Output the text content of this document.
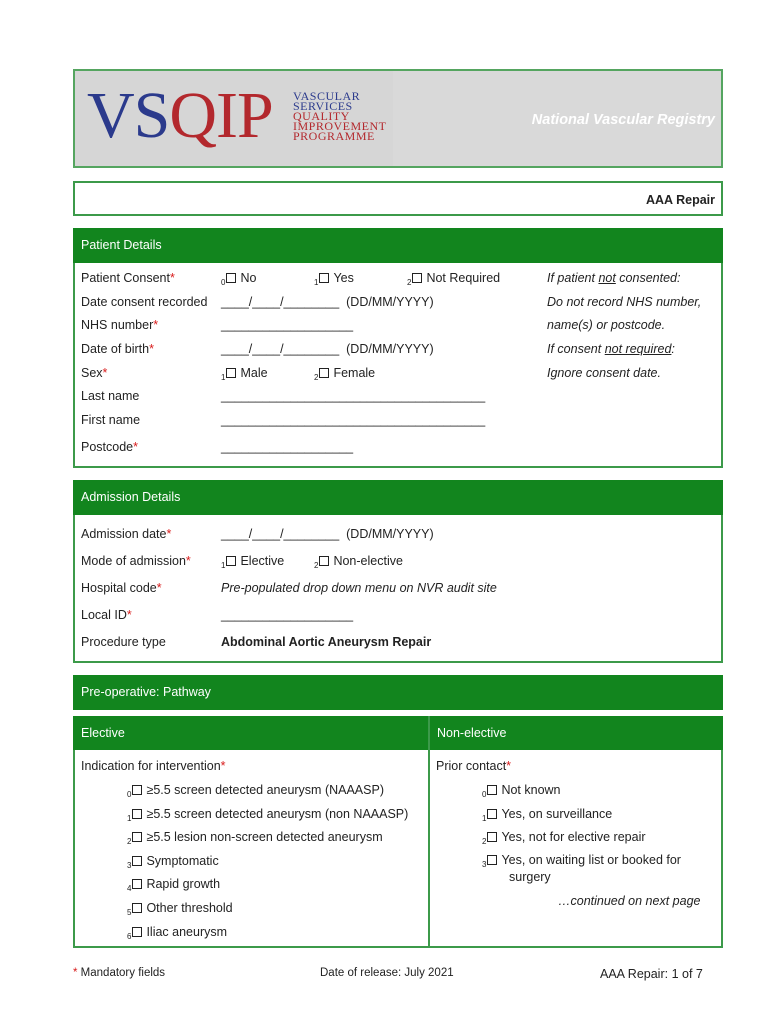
VSQIP VASCULAR
SERVICES
QUALITY
IMPROVEMENT
PROGRAMME
National Vascular Registry
AAA Repair
Patient Details
Patient Consent*	$_0$ No	$_1$ Yes	$_2$ Not Required
Date consent recorded ____/____/________ (DD/MM/YYYY)
NHS number*	___________________
Date of birth*	____/____/________ (DD/MM/YYYY)
Sex*	$_1$ Male	$_2$ Female
Last name	______________________________________
First name	______________________________________
Postcode*	___________________
If patient not consented:
Do not record NHS number,
name(s) or postcode.
If consent not required:
Ignore consent date.
Admission Details
Admission date*	____/____/________ (DD/MM/YYYY)
Mode of admission*	$_1$ Elective	$_2$ Non-elective
Hospital code*	Pre-populated drop down menu on NVR audit site
Local ID*	___________________
Procedure type	Abdominal Aortic Aneurysm Repair
Pre-operative: Pathway
Elective	Non-elective
Indication for intervention*
$_0$ ≥5.5 screen detected aneurysm (NAAASP)
$_1$ ≥5.5 screen detected aneurysm (non NAAASP)
$_2$ ≥5.5 lesion non-screen detected aneurysm
$_3$ Symptomatic
$_4$ Rapid growth
$_5$ Other threshold
$_6$ Iliac aneurysm
Prior contact*
$_0$ Not known
$_1$ Yes, on surveillance
$_2$ Yes, not for elective repair
$_3$ Yes, on waiting list or booked for
surgery
…continued on next page
* Mandatory fields	Date of release: July 2021	AAA Repair: 1 of 7
